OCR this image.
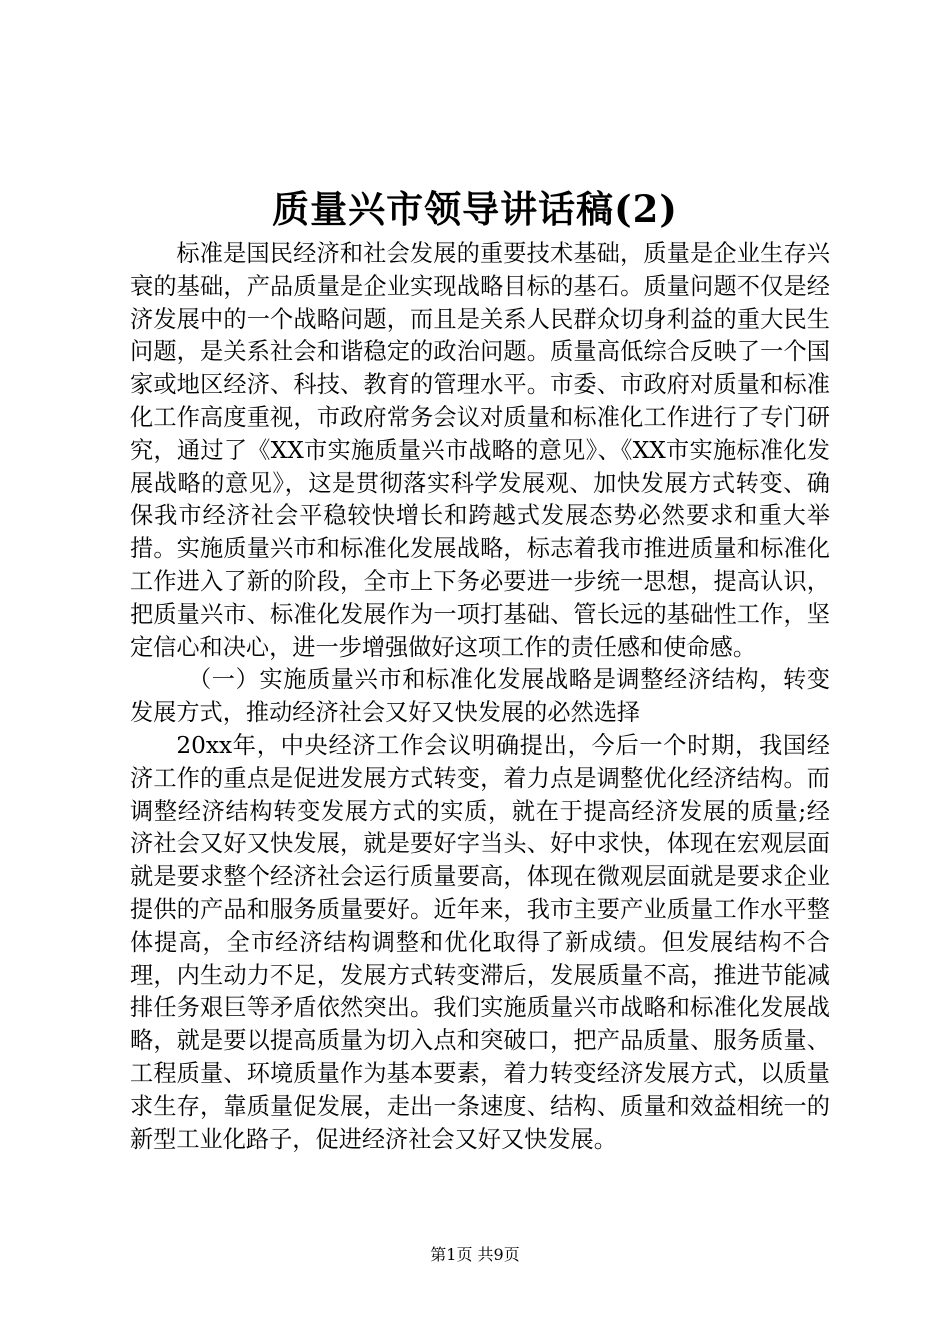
质量兴市领导讲话稿(2)

标准是国民经济和社会发展的重要技术基础，质量是企业生存兴衰的基础，产品质量是企业实现战略目标的基石。质量问题不仅是经济发展中的一个战略问题，而且是关系人民群众切身利益的重大民生问题，是关系社会和谐稳定的政治问题。质量高低综合反映了一个国家或地区经济、科技、教育的管理水平。市委、市政府对质量和标准化工作高度重视，市政府常务会议对质量和标准化工作进行了专门研究，通过了《XX市实施质量兴市战略的意见》、《XX市实施标准化发展战略的意见》，这是贯彻落实科学发展观、加快发展方式转变、确保我市经济社会平稳较快增长和跨越式发展态势必然要求和重大举措。实施质量兴市和标准化发展战略，标志着我市推进质量和标准化工作进入了新的阶段，全市上下务必要进一步统一思想，提高认识，把质量兴市、标准化发展作为一项打基础、管长远的基础性工作，坚定信心和决心，进一步增强做好这项工作的责任感和使命感。

（一）实施质量兴市和标准化发展战略是调整经济结构，转变发展方式，推动经济社会又好又快发展的必然选择

20xx年，中央经济工作会议明确提出，今后一个时期，我国经济工作的重点是促进发展方式转变，着力点是调整优化经济结构。而调整经济结构转变发展方式的实质，就在于提高经济发展的质量;经济社会又好又快发展，就是要好字当头、好中求快，体现在宏观层面就是要求整个经济社会运行质量要高，体现在微观层面就是要求企业提供的产品和服务质量要好。近年来，我市主要产业质量工作水平整体提高，全市经济结构调整和优化取得了新成绩。但发展结构不合理，内生动力不足，发展方式转变滞后，发展质量不高，推进节能减排任务艰巨等矛盾依然突出。我们实施质量兴市战略和标准化发展战略，就是要以提高质量为切入点和突破口，把产品质量、服务质量、工程质量、环境质量作为基本要素，着力转变经济发展方式，以质量求生存，靠质量促发展，走出一条速度、结构、质量和效益相统一的新型工业化路子，促进经济社会又好又快发展。

第1页 共9页
